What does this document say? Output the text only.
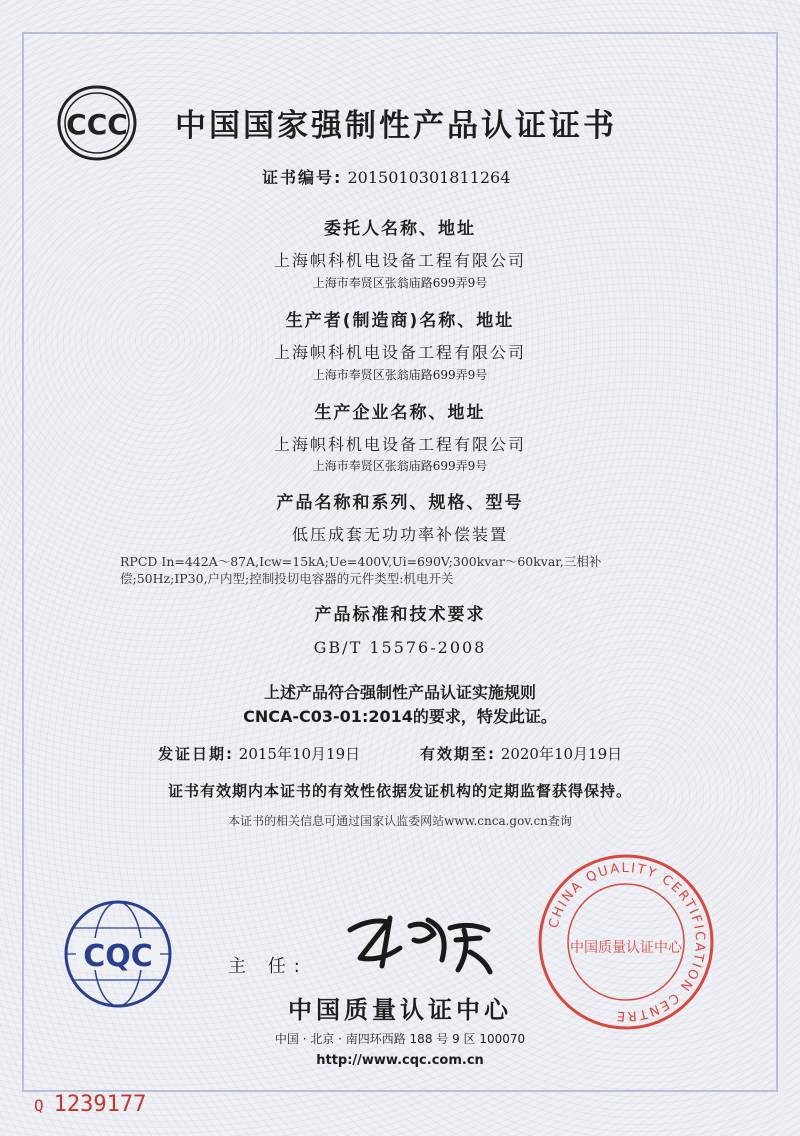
CCC 中国国家强制性产品认证证书
证书编号: 2015010301811264
委托人名称、地址
上海帜科机电设备工程有限公司
上海市奉贤区张翁庙路699弄9号
生产者(制造商)名称、地址
上海帜科机电设备工程有限公司
上海市奉贤区张翁庙路699弄9号
生产企业名称、地址
上海帜科机电设备工程有限公司
上海市奉贤区张翁庙路699弄9号
产品名称和系列、规格、型号
低压成套无功功率补偿装置
RPCD In=442A～87A,Icw=15kA;Ue=400V,Ui=690V;300kvar～60kvar,三相补
偿;50Hz;IP30,户内型;控制投切电容器的元件类型:机电开关
产品标准和技术要求
GB/T 15576-2008
上述产品符合强制性产品认证实施规则
CNCA-C03-01:2014的要求，特发此证。
发证日期: 2015年10月19日	有效期至: 2020年10月19日
证书有效期内本证书的有效性依据发证机构的定期监督获得保持。
本证书的相关信息可通过国家认监委网站www.cnca.gov.cn查询
CQC	主 任:
中国质量认证中心
中国 · 北京 · 南四环西路 188 号 9 区 100070
http://www.cqc.com.cn
CHINA QUALITY CERTIFICATION CENTRE
中国质量认证中心
Q 1239177
